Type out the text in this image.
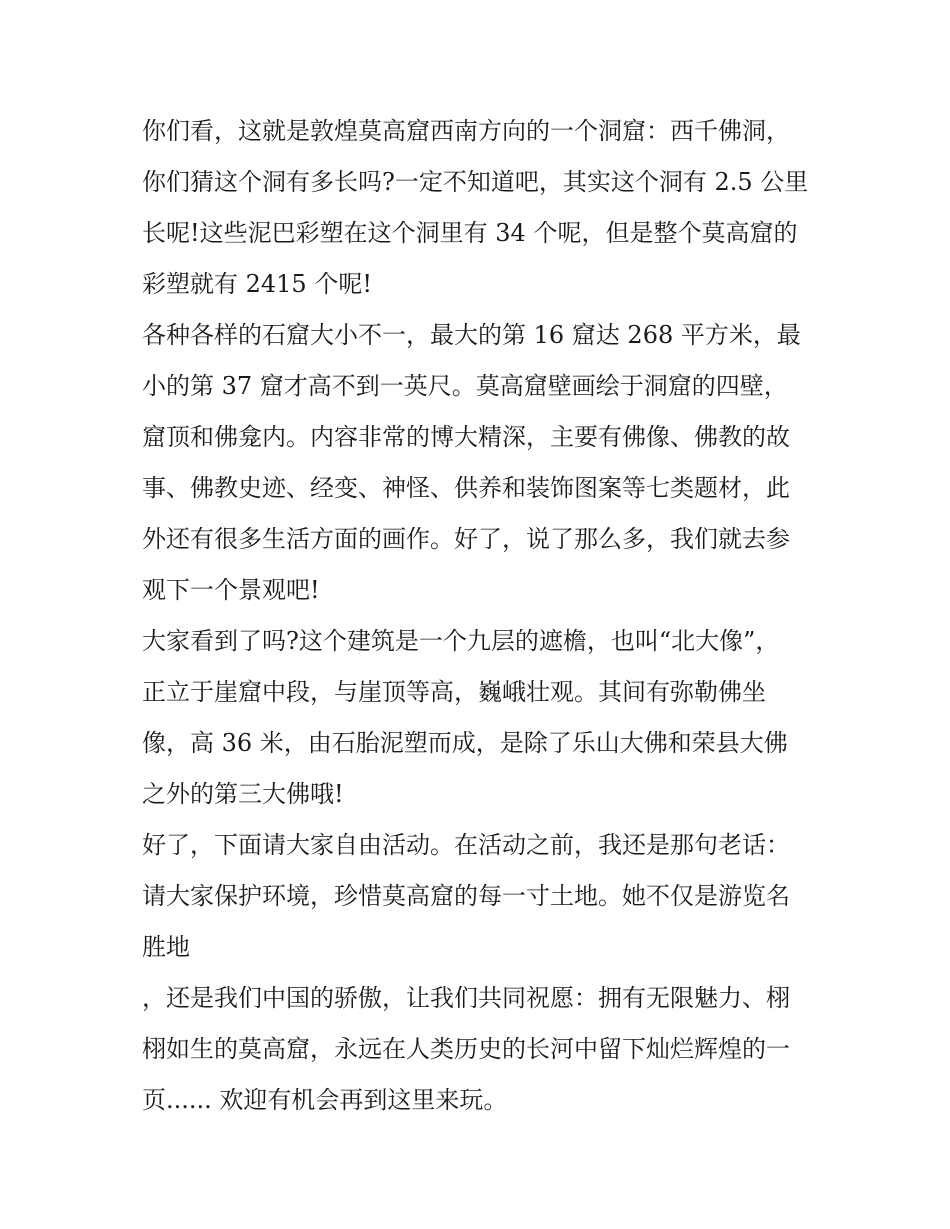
你们看，这就是敦煌莫高窟西南方向的一个洞窟：西千佛洞，
你们猜这个洞有多长吗?一定不知道吧，其实这个洞有 2.5 公里
长呢!这些泥巴彩塑在这个洞里有 34 个呢，但是整个莫高窟的
彩塑就有 2415 个呢!
各种各样的石窟大小不一，最大的第 16 窟达 268 平方米，最
小的第 37 窟才高不到一英尺。莫高窟壁画绘于洞窟的四壁，
窟顶和佛龛内。内容非常的博大精深，主要有佛像、佛教的故
事、佛教史迹、经变、神怪、供养和装饰图案等七类题材，此
外还有很多生活方面的画作。好了，说了那么多，我们就去参
观下一个景观吧!
大家看到了吗?这个建筑是一个九层的遮檐，也叫“北大像”，
正立于崖窟中段，与崖顶等高，巍峨壮观。其间有弥勒佛坐
像，高 36 米，由石胎泥塑而成，是除了乐山大佛和荣县大佛
之外的第三大佛哦!
好了，下面请大家自由活动。在活动之前，我还是那句老话：
请大家保护环境，珍惜莫高窟的每一寸土地。她不仅是游览名
胜地
，还是我们中国的骄傲，让我们共同祝愿：拥有无限魅力、栩
栩如生的莫高窟，永远在人类历史的长河中留下灿烂辉煌的一
页...... 欢迎有机会再到这里来玩。
